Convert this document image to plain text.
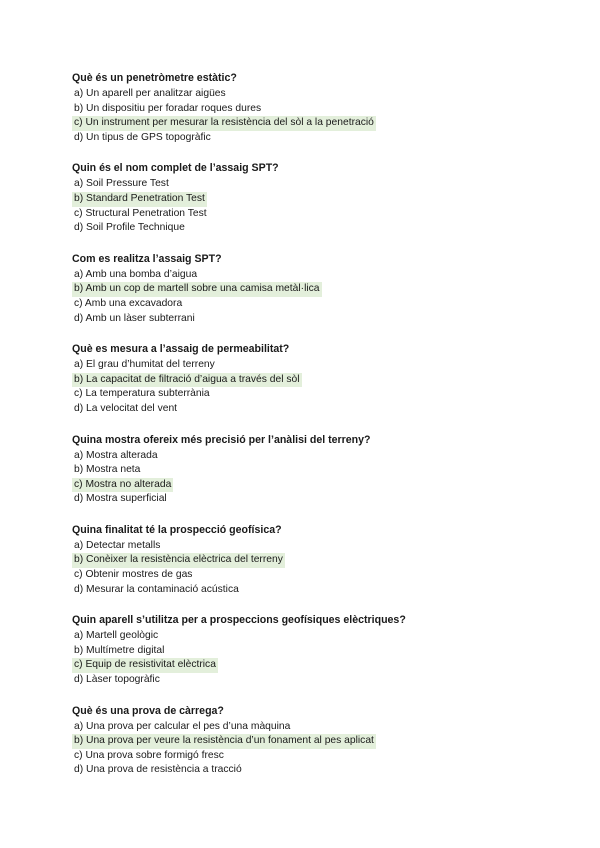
Què és un penetròmetre estàtic?
a) Un aparell per analitzar aigües
b) Un dispositiu per foradar roques dures
c) Un instrument per mesurar la resistència del sòl a la penetració
d) Un tipus de GPS topogràfic
Quin és el nom complet de l’assaig SPT?
a) Soil Pressure Test
b) Standard Penetration Test
c) Structural Penetration Test
d) Soil Profile Technique
Com es realitza l’assaig SPT?
a) Amb una bomba d’aigua
b) Amb un cop de martell sobre una camisa metàl·lica
c) Amb una excavadora
d) Amb un làser subterrani
Què es mesura a l’assaig de permeabilitat?
a) El grau d’humitat del terreny
b) La capacitat de filtració d’aigua a través del sòl
c) La temperatura subterrània
d) La velocitat del vent
Quina mostra ofereix més precisió per l’anàlisi del terreny?
a) Mostra alterada
b) Mostra neta
c) Mostra no alterada
d) Mostra superficial
Quina finalitat té la prospecció geofísica?
a) Detectar metalls
b) Conèixer la resistència elèctrica del terreny
c) Obtenir mostres de gas
d) Mesurar la contaminació acústica
Quin aparell s’utilitza per a prospeccions geofísiques elèctriques?
a) Martell geològic
b) Multímetre digital
c) Equip de resistivitat elèctrica
d) Làser topogràfic
Què és una prova de càrrega?
a) Una prova per calcular el pes d’una màquina
b) Una prova per veure la resistència d’un fonament al pes aplicat
c) Una prova sobre formigó fresc
d) Una prova de resistència a tracció
